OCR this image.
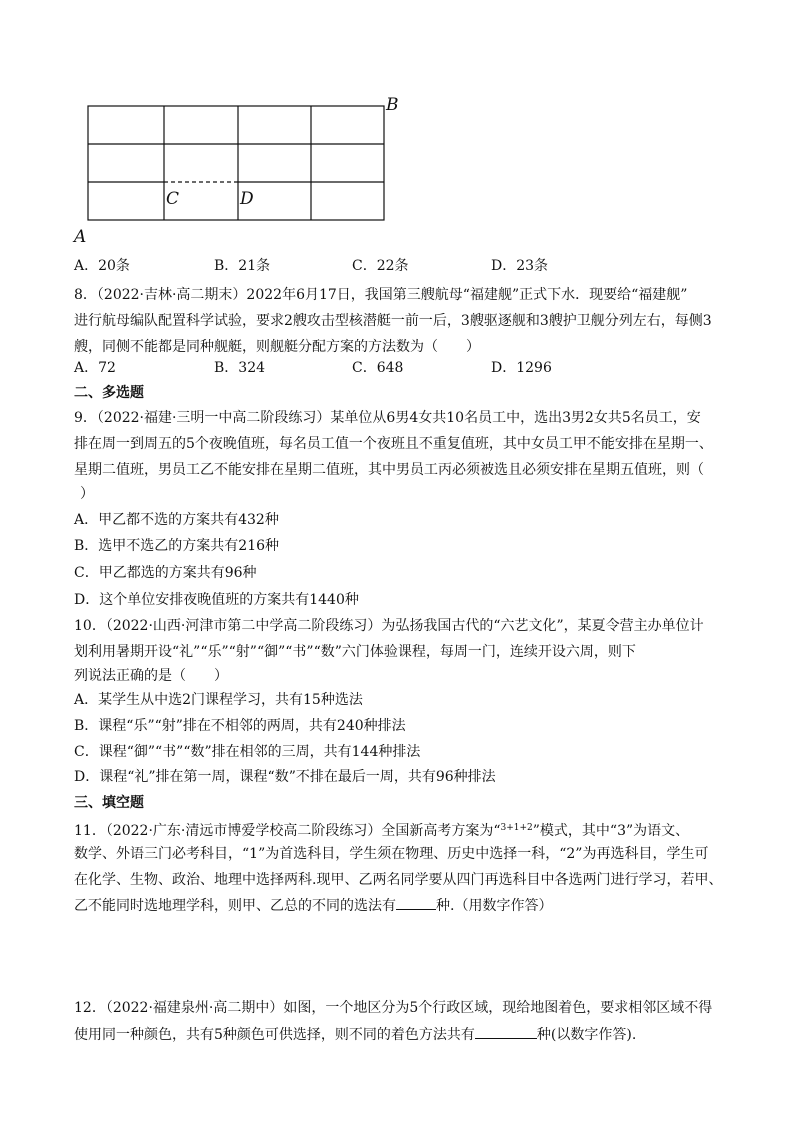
B
A
C	D
A．20条	B．21条	C．22条	D．23条
8．（2022·吉林·高二期末）2022年6月17日，我国第三艘航母“福建舰”正式下水．现要给“福建舰”
进行航母编队配置科学试验，要求2艘攻击型核潜艇一前一后，3艘驱逐舰和3艘护卫舰分列左右，每侧3
艘，同侧不能都是同种舰艇，则舰艇分配方案的方法数为（　　）
A．72	B．324	C．648	D．1296
二、多选题
9．（2022·福建·三明一中高二阶段练习）某单位从6男4女共10名员工中，选出3男2女共5名员工，安
排在周一到周五的5个夜晚值班，每名员工值一个夜班且不重复值班，其中女员工甲不能安排在星期一、
星期二值班，男员工乙不能安排在星期二值班，其中男员工丙必须被选且必须安排在星期五值班，则（
）
A．甲乙都不选的方案共有432种
B．选甲不选乙的方案共有216种
C．甲乙都选的方案共有96种
D．这个单位安排夜晚值班的方案共有1440种
10．（2022·山西·河津市第二中学高二阶段练习）为弘扬我国古代的“六艺文化”，某夏令营主办单位计
划利用暑期开设“礼”“乐”“射”“御”“书”“数”六门体验课程，每周一门，连续开设六周，则下
列说法正确的是（　　）
A．某学生从中选2门课程学习，共有15种选法
B．课程“乐”“射”排在不相邻的两周，共有240种排法
C．课程“御”“书”“数”排在相邻的三周，共有144种排法
D．课程“礼”排在第一周，课程“数”不排在最后一周，共有96种排法
三、填空题
11．（2022·广东·清远市博爱学校高二阶段练习）全国新高考方案为“$^{3+1+2}$”模式，其中“3”为语文、
数学、外语三门必考科目，“1”为首选科目，学生须在物理、历史中选择一科，“2”为再选科目，学生可
在化学、生物、政治、地理中选择两科.现甲、乙两名同学要从四门再选科目中各选两门进行学习，若甲、
乙不能同时选地理学科，则甲、乙总的不同的选法有	种.（用数字作答）
12．（2022·福建泉州·高二期中）如图，一个地区分为5个行政区域，现给地图着色，要求相邻区域不得
使用同一种颜色，共有5种颜色可供选择，则不同的着色方法共有	种(以数字作答).
